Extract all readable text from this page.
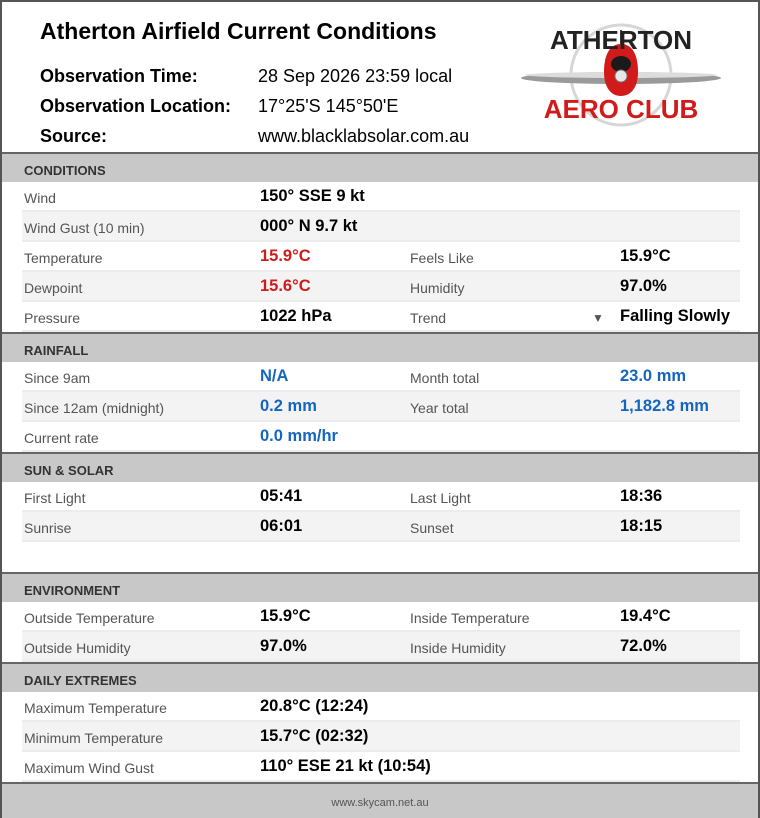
Atherton Airfield Current Conditions
Observation Time:	28 Sep 2026 23:59 local
Observation Location: 17°25'S 145°50'E
Source:	www.blacklabsolar.com.au
ATHERTON
AERO CLUB
CONDITIONS
Wind	150° SSE 9 kt
Wind Gust (10 min)	000° N 9.7 kt
Temperature	15.9°C	Feels Like	15.9°C
Dewpoint	15.6°C	Humidity	97.0%
Pressure	1022 hPa	Trend	▼ Falling Slowly
RAINFALL
Since 9am	N/A	Month total	23.0 mm
Since 12am (midnight)	0.2 mm	Year total	1,182.8 mm
Current rate	0.0 mm/hr
SUN & SOLAR
First Light	05:41	Last Light	18:36
Sunrise	06:01	Sunset	18:15
ENVIRONMENT
Outside Temperature	15.9°C	Inside Temperature	19.4°C
Outside Humidity	97.0%	Inside Humidity	72.0%
DAILY EXTREMES
Maximum Temperature	20.8°C (12:24)
Minimum Temperature	15.7°C (02:32)
Maximum Wind Gust	110° ESE 21 kt (10:54)
www.skycam.net.au
